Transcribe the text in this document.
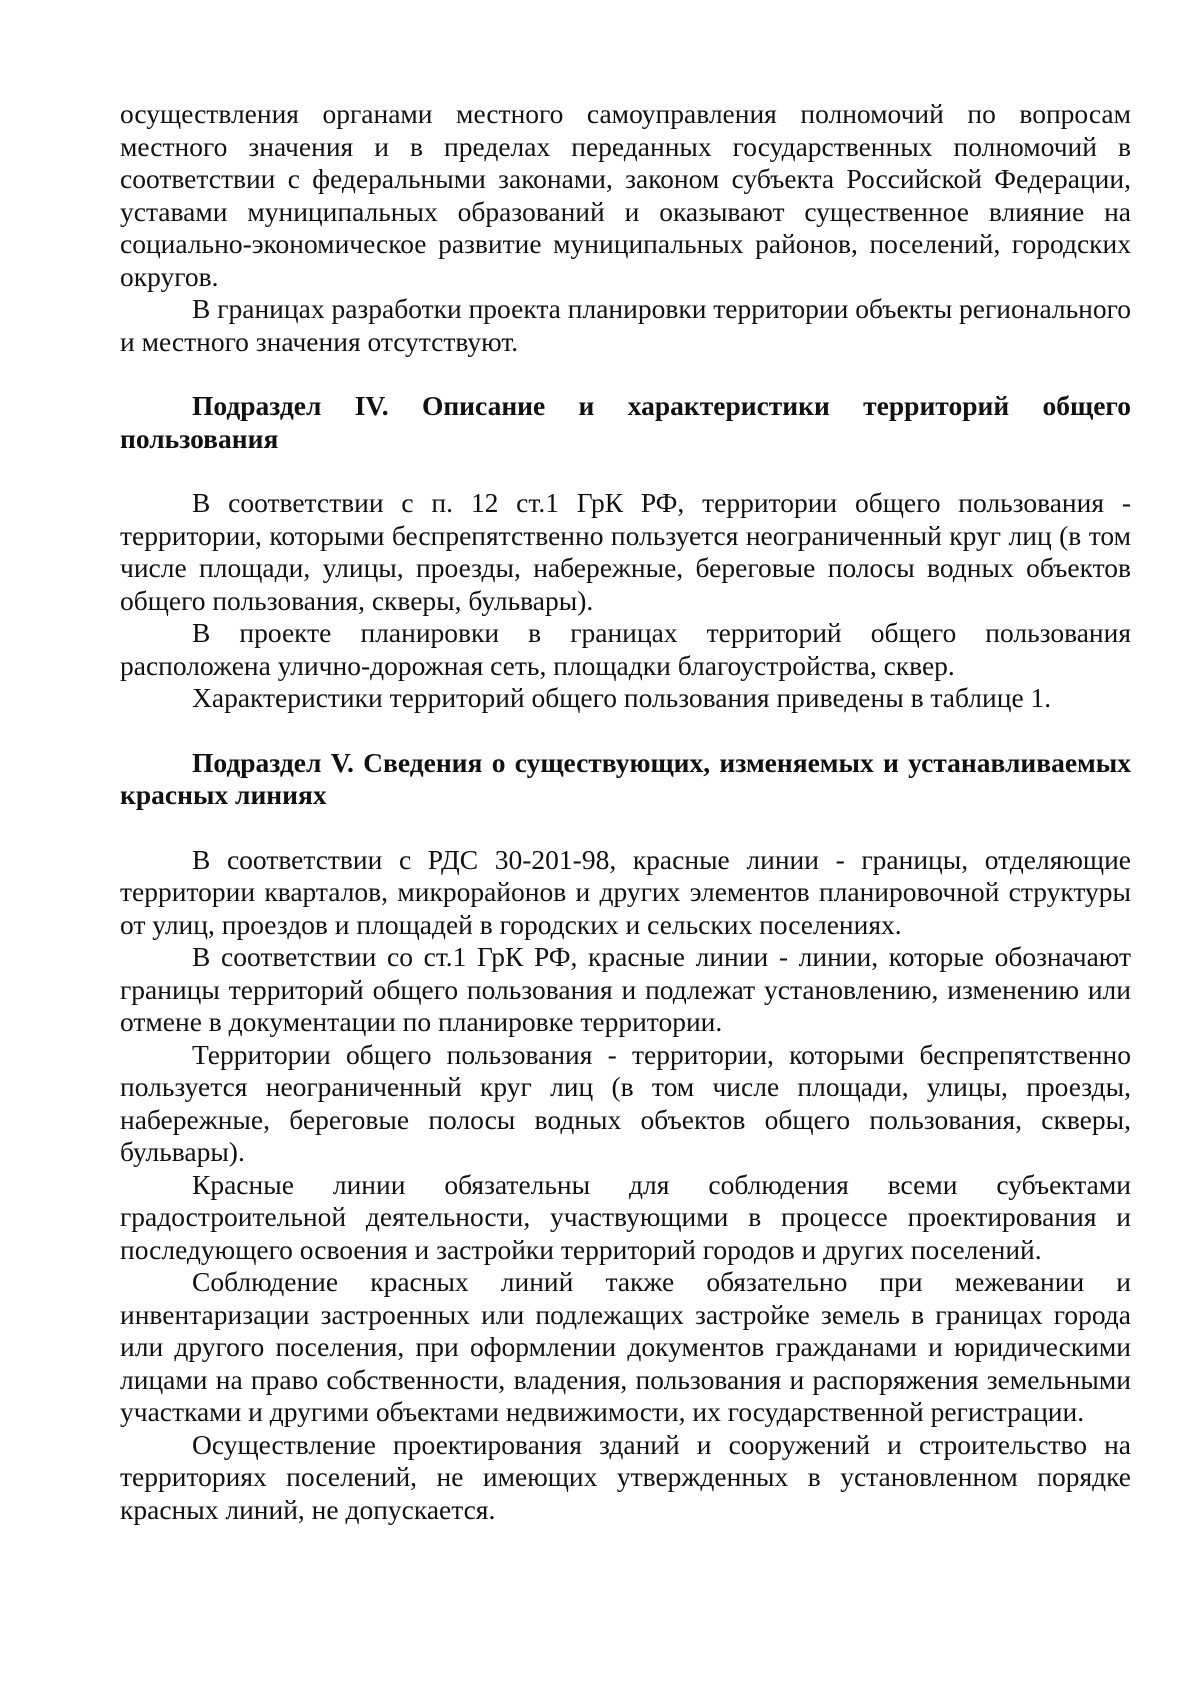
осуществления органами местного самоуправления полномочий по вопросам местного значения и в пределах переданных государственных полномочий в соответствии с федеральными законами, законом субъекта Российской Федерации, уставами муниципальных образований и оказывают существенное влияние на социально-экономическое развитие муниципальных районов, поселений, городских округов.

В границах разработки проекта планировки территории объекты регионального и местного значения отсутствуют.

Подраздел IV. Описание и характеристики территорий общего пользования

В соответствии с п. 12 ст.1 ГрК РФ, территории общего пользования - территории, которыми беспрепятственно пользуется неограниченный круг лиц (в том числе площади, улицы, проезды, набережные, береговые полосы водных объектов общего пользования, скверы, бульвары).

В проекте планировки в границах территорий общего пользования расположена улично-дорожная сеть, площадки благоустройства, сквер.

Характеристики территорий общего пользования приведены в таблице 1.

Подраздел V. Сведения о существующих, изменяемых и устанавливаемых красных линиях

В соответствии с РДС 30-201-98, красные линии - границы, отделяющие территории кварталов, микрорайонов и других элементов планировочной структуры от улиц, проездов и площадей в городских и сельских поселениях.

В соответствии со ст.1 ГрК РФ, красные линии - линии, которые обозначают границы территорий общего пользования и подлежат установлению, изменению или отмене в документации по планировке территории.

Территории общего пользования - территории, которыми беспрепятственно пользуется неограниченный круг лиц (в том числе площади, улицы, проезды, набережные, береговые полосы водных объектов общего пользования, скверы, бульвары).

Красные линии обязательны для соблюдения всеми субъектами градостроительной деятельности, участвующими в процессе проектирования и последующего освоения и застройки территорий городов и других поселений.

Соблюдение красных линий также обязательно при межевании и инвентаризации застроенных или подлежащих застройке земель в границах города или другого поселения, при оформлении документов гражданами и юридическими лицами на право собственности, владения, пользования и распоряжения земельными участками и другими объектами недвижимости, их государственной регистрации.

Осуществление проектирования зданий и сооружений и строительство на территориях поселений, не имеющих утвержденных в установленном порядке красных линий, не допускается.
